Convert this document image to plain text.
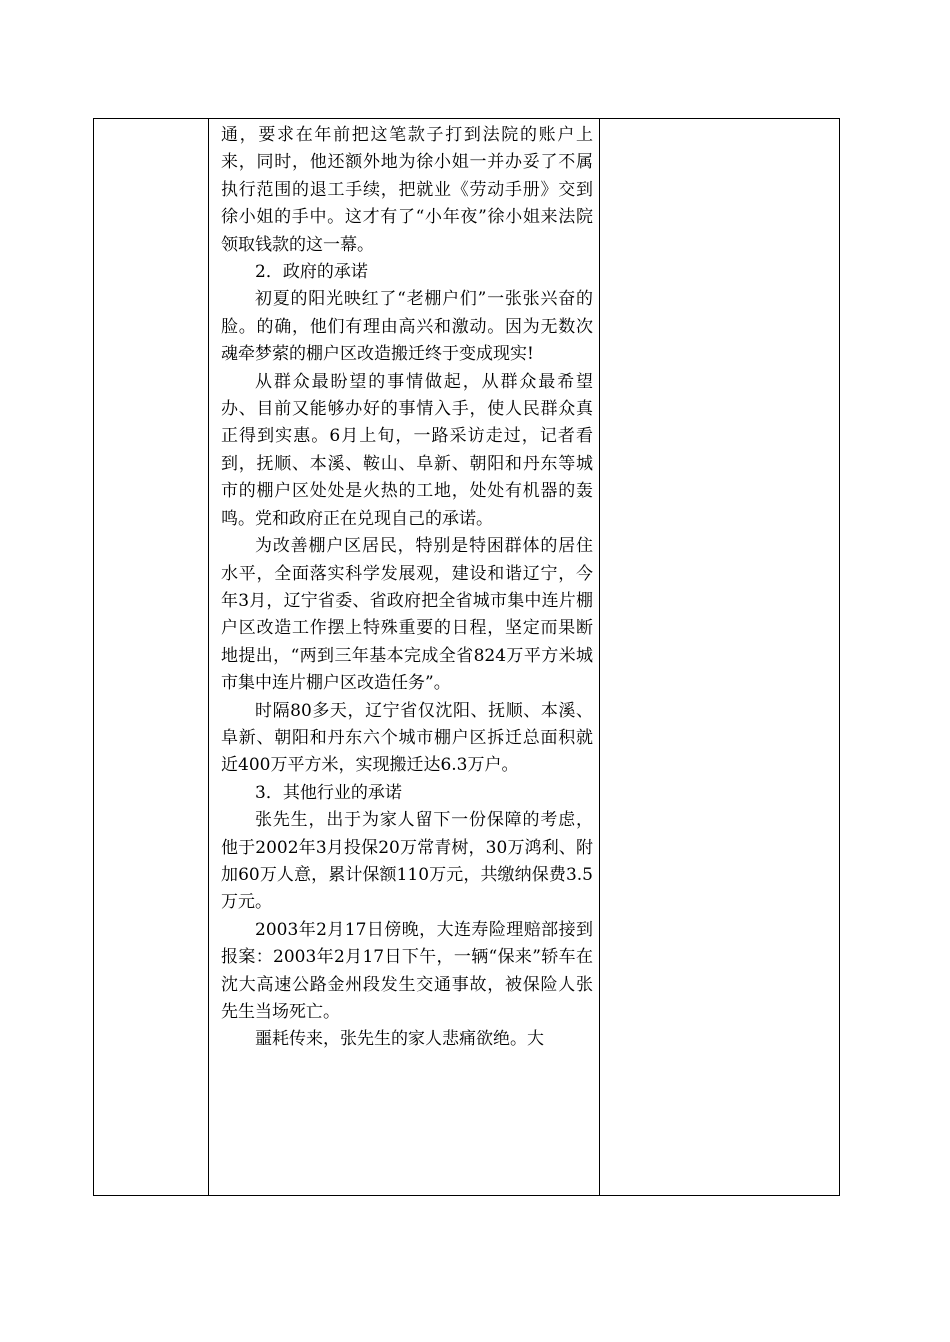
通，要求在年前把这笔款子打到法院的账户上来，同时，他还额外地为徐小姐一并办妥了不属执行范围的退工手续，把就业《劳动手册》交到徐小姐的手中。这才有了“小年夜”徐小姐来法院领取钱款的这一幕。

2．政府的承诺

初夏的阳光映红了“老棚户们”一张张兴奋的脸。的确，他们有理由高兴和激动。因为无数次魂牵梦萦的棚户区改造搬迁终于变成现实!

从群众最盼望的事情做起，从群众最希望办、目前又能够办好的事情入手，使人民群众真正得到实惠。6月上旬，一路采访走过，记者看到，抚顺、本溪、鞍山、阜新、朝阳和丹东等城市的棚户区处处是火热的工地，处处有机器的轰鸣。党和政府正在兑现自己的承诺。

为改善棚户区居民，特别是特困群体的居住水平，全面落实科学发展观，建设和谐辽宁，今年3月，辽宁省委、省政府把全省城市集中连片棚户区改造工作摆上特殊重要的日程，坚定而果断地提出，“两到三年基本完成全省824万平方米城市集中连片棚户区改造任务”。

时隔80多天，辽宁省仅沈阳、抚顺、本溪、阜新、朝阳和丹东六个城市棚户区拆迁总面积就近400万平方米，实现搬迁达6.3万户。

3．其他行业的承诺

张先生，出于为家人留下一份保障的考虑，他于2002年3月投保20万常青树，30万鸿利、附加60万人意，累计保额110万元，共缴纳保费3.5万元。

2003年2月17日傍晚，大连寿险理赔部接到报案：2003年2月17日下午，一辆“保来”轿车在沈大高速公路金州段发生交通事故，被保险人张先生当场死亡。

噩耗传来，张先生的家人悲痛欲绝。大
